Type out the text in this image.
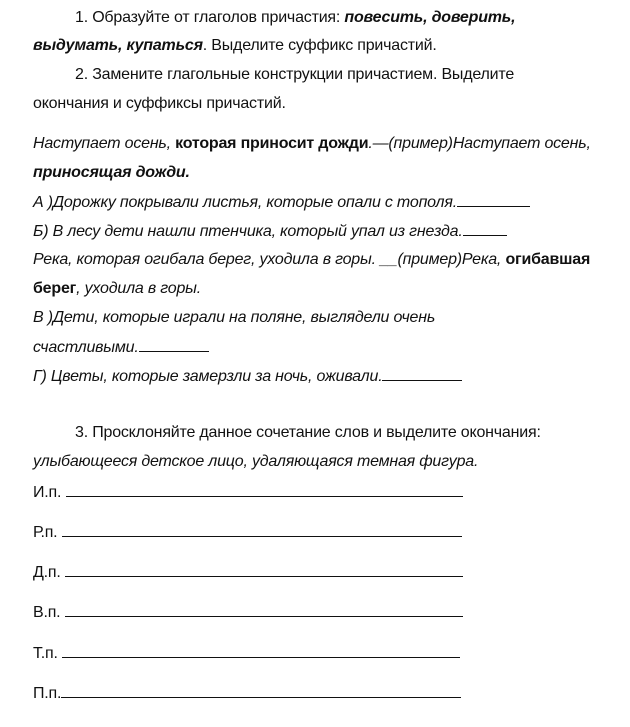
1. Образуйте от глаголов причастия: повесить, доверить,
выдумать, купаться. Выделите суффикс причастий.
2. Замените глагольные конструкции причастием. Выделите
окончания и суффиксы причастий.
Наступает осень, которая приносит дожди.―(пример)Наступает осень,
приносящая дожди.
А )Дорожку покрывали листья, которые опали с тополя.
Б) В лесу дети нашли птенчика, который упал из гнезда.
Река, которая огибала берег, уходила в горы. __(пример)Река, огибавшая
берег, уходила в горы.
В )Дети, которые играли на поляне, выглядели очень
счастливыми.
Г) Цветы, которые замерзли за ночь, оживали.
3. Просклоняйте данное сочетание слов и выделите окончания:
улыбающееся детское лицо, удаляющаяся темная фигура.
И.п.
Р.п.
Д.п.
В.п.
Т.п.
П.п.
